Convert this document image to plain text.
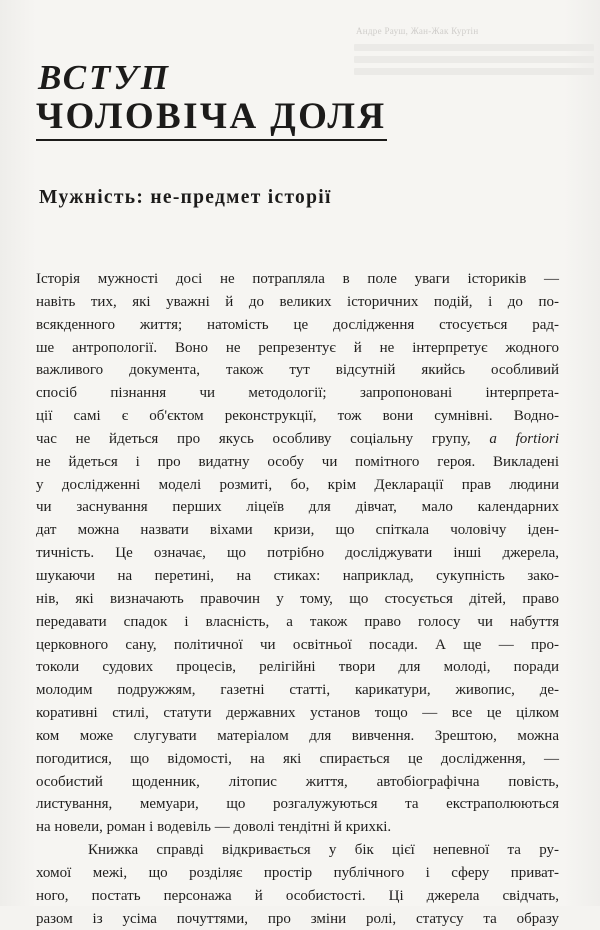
Андре Рауш, Жан-Жак Куртін
ВСТУП
ЧОЛОВІЧА ДОЛЯ
Мужність: не-предмет історії
Історія мужності досі не потрапляла в поле уваги істориків —
навіть тих, які уважні й до великих історичних подій, і до по-
всякденного життя; натомість це дослідження стосується рад-
ше антропології. Воно не репрезентує й не інтерпретує жодного
важливого документа, також тут відсутній якийсь особливий
спосіб пізнання чи методології; запропоновані інтерпрета-
ції самі є об'єктом реконструкції, тож вони сумнівні. Водно-
час не йдеться про якусь особливу соціальну групу, a fortiori
не йдеться і про видатну особу чи помітного героя. Викладені
у дослідженні моделі розмиті, бо, крім Декларації прав людини
чи заснування перших ліцеїв для дівчат, мало календарних
дат можна назвати віхами кризи, що спіткала чоловічу іден-
тичність. Це означає, що потрібно досліджувати інші джерела,
шукаючи на перетині, на стиках: наприклад, сукупність зако-
нів, які визначають правочин у тому, що стосується дітей, право
передавати спадок і власність, а також право голосу чи набуття
церковного сану, політичної чи освітньої посади. А ще — про-
токоли судових процесів, релігійні твори для молоді, поради
молодим подружжям, газетні статті, карикатури, живопис, де-
коративні стилі, статути державних установ тощо — все це цілком
ком може слугувати матеріалом для вивчення. Зрештою, можна
погодитися, що відомості, на які спирається це дослідження, —
особистий щоденник, літопис життя, автобіографічна повість,
листування, мемуари, що розгалужуються та екстраполюються
на новели, роман і водевіль — доволі тендітні й крихкі.
Книжка справді відкривається у бік цієї непевної та ру-
хомої межі, що розділяє простір публічного і сферу приват-
ного, постать персонажа й особистості. Ці джерела свідчать,
разом із усіма почуттями, про зміни ролі, статусу та образу
